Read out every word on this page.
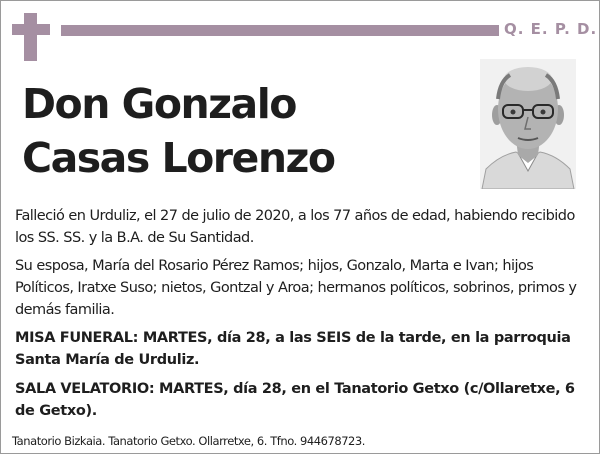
Q. E. P. D.
Don Gonzalo
Casas Lorenzo
Falleció en Urduliz, el 27 de julio de 2020, a los 77 años de edad, habiendo recibido los SS. SS. y la B.A. de Su Santidad.
Su esposa, María del Rosario Pérez Ramos; hijos, Gonzalo, Marta e Ivan; hijos Políticos, Iratxe Suso; nietos, Gontzal y Aroa; hermanos políticos, sobrinos, primos y demás familia.
MISA FUNERAL: MARTES, día 28, a las SEIS de la tarde, en la parroquia Santa María de Urduliz.
SALA VELATORIO: MARTES, día 28, en el Tanatorio Getxo (c/Ollaretxe, 6 de Getxo).
Tanatorio Bizkaia. Tanatorio Getxo. Ollarretxe, 6. Tfno. 944678723.
